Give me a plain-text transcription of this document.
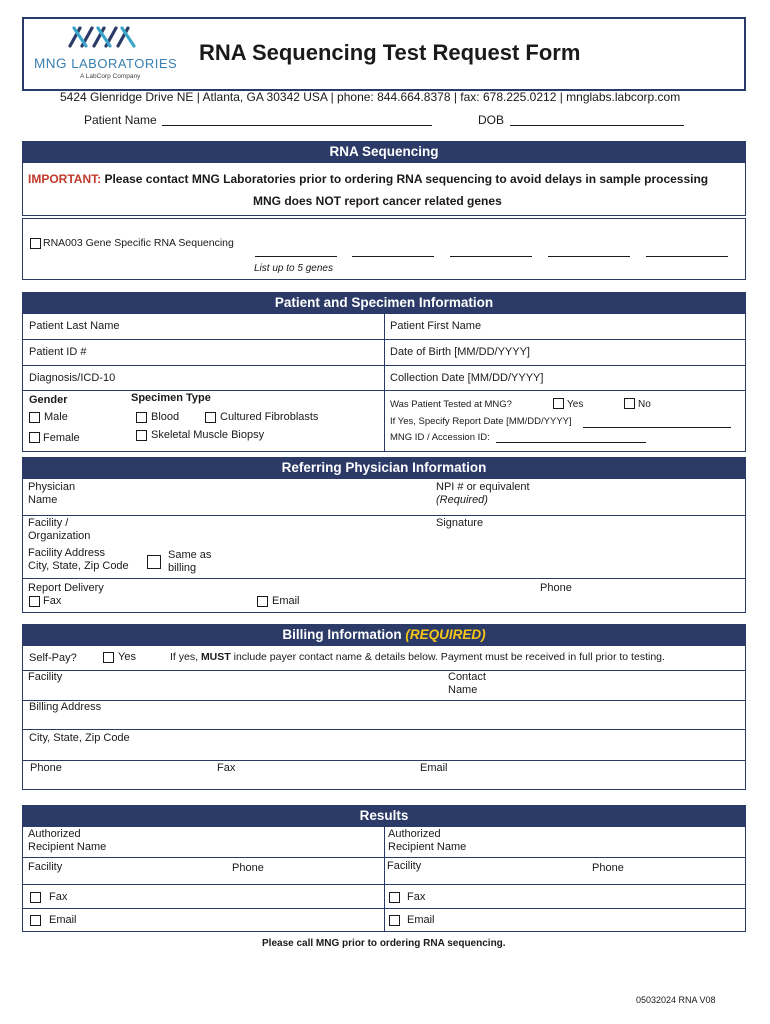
MNG LABORATORIES
A LabCorp Company
RNA Sequencing Test Request Form
5424 Glenridge Drive NE | Atlanta, GA 30342 USA | phone: 844.664.8378 | fax: 678.225.0212 | mnglabs.labcorp.com
Patient Name	DOB
RNA Sequencing
IMPORTANT: Please contact MNG Laboratories prior to ordering RNA sequencing to avoid delays in sample processing
MNG does NOT report cancer related genes
RNA003 Gene Specific RNA Sequencing
List up to 5 genes
Patient and Specimen Information
Patient Last Name	Patient First Name
Patient ID #	Date of Birth [MM/DD/YYYY]
Diagnosis/ICD-10	Collection Date [MM/DD/YYYY]
Gender
Male
Female
Specimen Type
Blood	Cultured Fibroblasts
Skeletal Muscle Biopsy
Was Patient Tested at MNG?	Yes	No
If Yes, Specify Report Date [MM/DD/YYYY]
MNG ID / Accession ID:
Referring Physician Information
Physician
Name
NPI # or equivalent
(Required)
Facility /
Organization
Signature
Facility Address
City, State, Zip Code
Same as
billing
Report Delivery
Fax	Email
Phone
Billing Information (REQUIRED)
Self-Pay?	Yes	If yes, MUST include payer contact name & details below. Payment must be received in full prior to testing.
Facility	Contact
Name
Billing Address
City, State, Zip Code
Phone	Fax	Email
Results
Authorized
Recipient Name
Authorized
Recipient Name
Facility	Phone	Facility	Phone
Fax	Fax
Email	Email
Please call MNG prior to ordering RNA sequencing.
05032024 RNA V08
